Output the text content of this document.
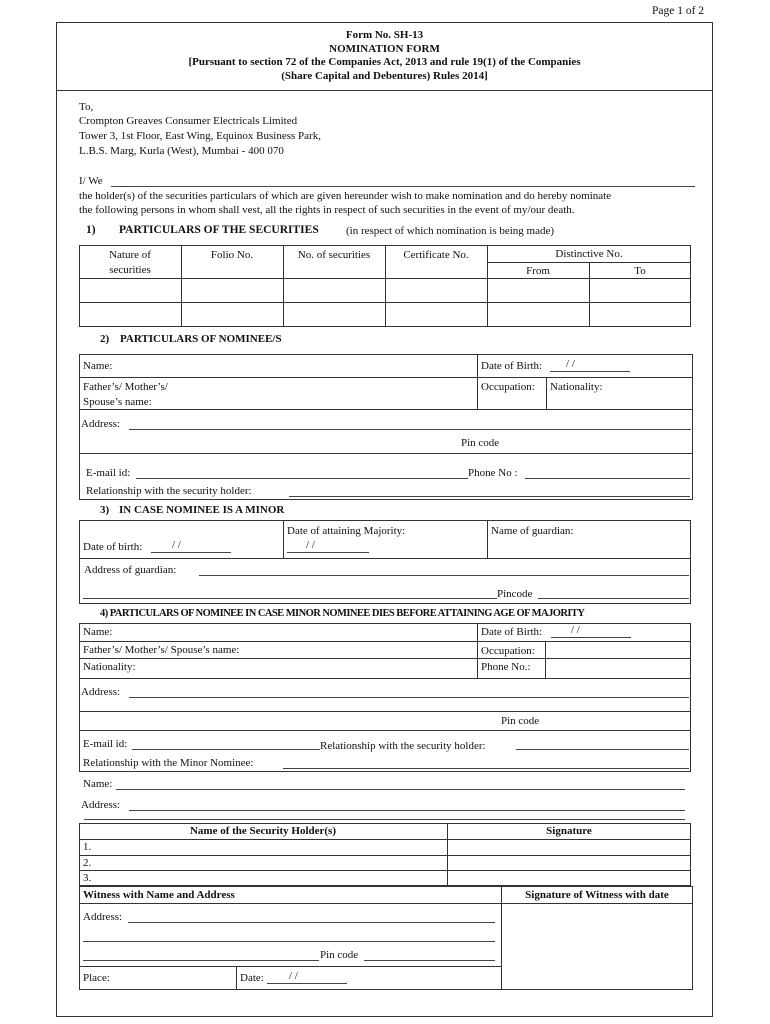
Page 1 of 2
Form No. SH-13
NOMINATION FORM
[Pursuant to section 72 of the Companies Act, 2013 and rule 19(1) of the Companies
(Share Capital and Debentures) Rules 2014]
To,
Crompton Greaves Consumer Electricals Limited
Tower 3, 1st Floor, East Wing, Equinox Business Park,
L.B.S. Marg, Kurla (West), Mumbai - 400 070
I/ We
the holder(s) of the securities particulars of which are given hereunder wish to make nomination and do hereby nominate
the following persons in whom shall vest, all the rights in respect of such securities in the event of my/our death.
1) PARTICULARS OF THE SECURITIES (in respect of which nomination is being made)
Nature of
securities
Folio No.	No. of securities	Certificate No.	Distinctive No.
From	To
2) PARTICULARS OF NOMINEE/S
Name:	Date of Birth: / /
Father’s/ Mother’s/
Spouse’s name:
Occupation: Nationality:
Address:
Pin code
E-mail id:	Phone No :
Relationship with the security holder:
3) IN CASE NOMINEE IS A MINOR
Date of birth:	/ /
Date of attaining Majority:
/ /
Name of guardian:
Address of guardian:
Pincode
4) PARTICULARS OF NOMINEE IN CASE MINOR NOMINEE DIES BEFORE ATTAINING AGE OF MAJORITY
Name:	Date of Birth:	/ /
Father’s/ Mother’s/ Spouse’s name:	Occupation:
Nationality:	Phone No.:
Address:
Pin code
E-mail id:	Relationship with the security holder:
Relationship with the Minor Nominee:
Name:
Address:
Name of the Security Holder(s)	Signature
1.
2.
3.
Witness with Name and Address	Signature of Witness with date
Address:
Pin code
Place:	Date: / /
